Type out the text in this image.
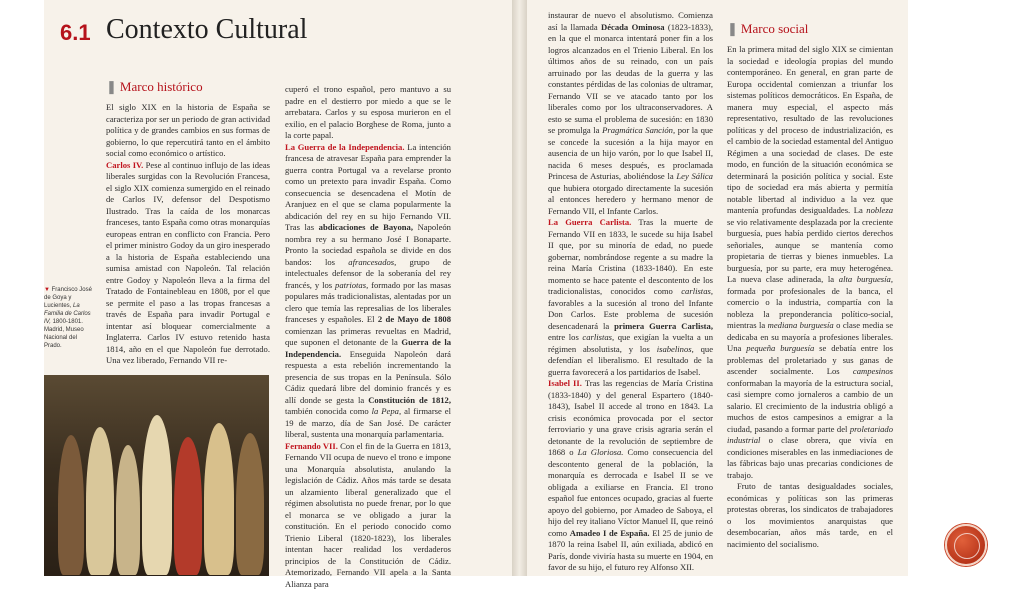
6.1 Contexto Cultural
❚ Marco histórico
❚ Marco social

El siglo XIX en la historia de España se caracteriza por ser un periodo de gran actividad política y de grandes cambios en sus formas de gobierno, lo que repercutirá tanto en el ámbito social como económico o artístico.

Carlos IV. Pese al continuo influjo de las ideas liberales surgidas con la Revolución Francesa, el siglo XIX comienza sumergido en el reinado de Carlos IV, defensor del Despotismo Ilustrado. Tras la caída de los monarcas franceses, tanto España como otras monarquías europeas entran en conflicto con Francia. Pero el primer ministro Godoy da un giro inesperado a la historia de España estableciendo una sumisa amistad con Napoleón. Tal relación entre Godoy y Napoleón lleva a la firma del Tratado de Fontainebleau en 1808, por el que se permite el paso a las tropas francesas a través de España para invadir Portugal e intentar así bloquear comercialmente a Inglaterra. Carlos IV estuvo retenido hasta 1814, año en el que Napoleón fue derrotado. Una vez liberado, Fernando VII re-

▼ Francisco José de Goya y Lucientes, La Familia de Carlos IV, 1800-1801. Madrid, Museo Nacional del Prado.

cuperó el trono español, pero mantuvo a su padre en el destierro por miedo a que se le arrebatara. Carlos y su esposa murieron en el exilio, en el palacio Borghese de Roma, junto a la corte papal.

La Guerra de la Independencia. La intención francesa de atravesar España para emprender la guerra contra Portugal va a revelarse pronto como un pretexto para invadir España. Como consecuencia se desencadena el Motín de Aranjuez en el que se clama popularmente la abdicación del rey en su hijo Fernando VII. Tras las abdicaciones de Bayona, Napoleón nombra rey a su hermano José I Bonaparte. Pronto la sociedad española se divide en dos bandos: los afrancesados, grupo de intelectuales defensor de la soberanía del rey francés, y los patriotas, formado por las masas populares más tradicionalistas, alentadas por un clero que temía las represalias de los liberales franceses y españoles. El 2 de Mayo de 1808 comienzan las primeras revueltas en Madrid, que suponen el detonante de la Guerra de la Independencia. Enseguida Napoleón dará respuesta a esta rebelión incrementando la presencia de sus tropas en la Península. Sólo Cádiz quedará libre del dominio francés y es allí donde se gesta la Constitución de 1812, también conocida como la Pepa, al firmarse el 19 de marzo, día de San José. De carácter liberal, sustenta una monarquía parlamentaria.

Fernando VII. Con el fin de la Guerra en 1813, Fernando VII ocupa de nuevo el trono e impone una Monarquía absolutista, anulando la legislación de Cádiz. Años más tarde se desata un alzamiento liberal generalizado que el régimen absolutista no puede frenar, por lo que el monarca se ve obligado a jurar la constitución. En el periodo conocido como Trienio Liberal (1820-1823), los liberales intentan hacer realidad los verdaderos principios de la Constitución de Cádiz. Atemorizado, Fernando VII apela a la Santa Alianza para

instaurar de nuevo el absolutismo. Comienza así la llamada Década Ominosa (1823-1833), en la que el monarca intentará poner fin a los logros alcanzados en el Trienio Liberal. En los últimos años de su reinado, con un país arruinado por las deudas de la guerra y las constantes pérdidas de las colonias de ultramar, Fernando VII se ve atacado tanto por los liberales como por los ultraconservadores. A esto se suma el problema de sucesión: en 1830 se promulga la Pragmática Sanción, por la que se concede la sucesión a la hija mayor en ausencia de un hijo varón, por lo que Isabel II, nacida 6 meses después, es proclamada Princesa de Asturias, aboliéndose la Ley Sálica que hubiera otorgado directamente la sucesión al entonces heredero y hermano menor de Fernando VII, el Infante Carlos.

La Guerra Carlista. Tras la muerte de Fernando VII en 1833, le sucede su hija Isabel II que, por su minoría de edad, no puede gobernar, nombrándose regente a su madre la reina María Cristina (1833-1840). En este momento se hace patente el descontento de los tradicionalistas, conocidos como carlistas, favorables a la sucesión al trono del Infante Don Carlos. Este problema de sucesión desencadenará la primera Guerra Carlista, entre los carlistas, que exigían la vuelta a un régimen absolutista, y los isabelinos, que defendían el liberalismo. El resultado de la guerra favorecerá a los partidarios de Isabel.

Isabel II. Tras las regencias de María Cristina (1833-1840) y del general Espartero (1840-1843), Isabel II accede al trono en 1843. La crisis económica provocada por el sector ferroviario y una grave crisis agraria serán el detonante de la revolución de septiembre de 1868 o La Gloriosa. Como consecuencia del descontento general de la población, la monarquía es derrocada e Isabel II se ve obligada a exiliarse en Francia. El trono español fue entonces ocupado, gracias al fuerte apoyo del gobierno, por Amadeo de Saboya, el hijo del rey italiano Víctor Manuel II, que reinó como Amadeo I de España. El 25 de junio de 1870 la reina Isabel II, aún exiliada, abdicó en París, donde viviría hasta su muerte en 1904, en favor de su hijo, el futuro rey Alfonso XII.

En la primera mitad del siglo XIX se cimientan la sociedad e ideología propias del mundo contemporáneo. En general, en gran parte de Europa occidental comienzan a triunfar los sistemas políticos democráticos. En España, de manera muy especial, el aspecto más representativo, resultado de las revoluciones políticas y del proceso de industrialización, es el cambio de la sociedad estamental del Antiguo Régimen a una sociedad de clases. De este modo, en función de la situación económica se determinará la posición política y social. Este tipo de sociedad era más abierta y permitía notable libertad al individuo a la vez que mantenía profundas desigualdades. La nobleza se vio relativamente desplazada por la creciente burguesía, pues había perdido ciertos derechos señoriales, aunque se mantenía como propietaria de tierras y bienes inmuebles. La burguesía, por su parte, era muy heterogénea. La nueva clase adinerada, la alta burguesía, formada por profesionales de la banca, el comercio o la industria, compartía con la nobleza la preponderancia político-social, mientras la mediana burguesía o clase media se dedicaba en su mayoría a profesiones liberales. Una pequeña burguesía se debatía entre los problemas del proletariado y sus ganas de ascender socialmente. Los campesinos conformaban la mayoría de la estructura social, casi siempre como jornaleros a cambio de un salario. El crecimiento de la industria obligó a muchos de estos campesinos a emigrar a la ciudad, pasando a formar parte del proletariado industrial o clase obrera, que vivía en condiciones miserables en las inmediaciones de las fábricas bajo unas precarias condiciones de trabajo.

Fruto de tantas desigualdades sociales, económicas y políticas son las primeras protestas obreras, los sindicatos de trabajadores o los movimientos anarquistas que desembocarían, años más tarde, en el nacimiento del socialismo.
